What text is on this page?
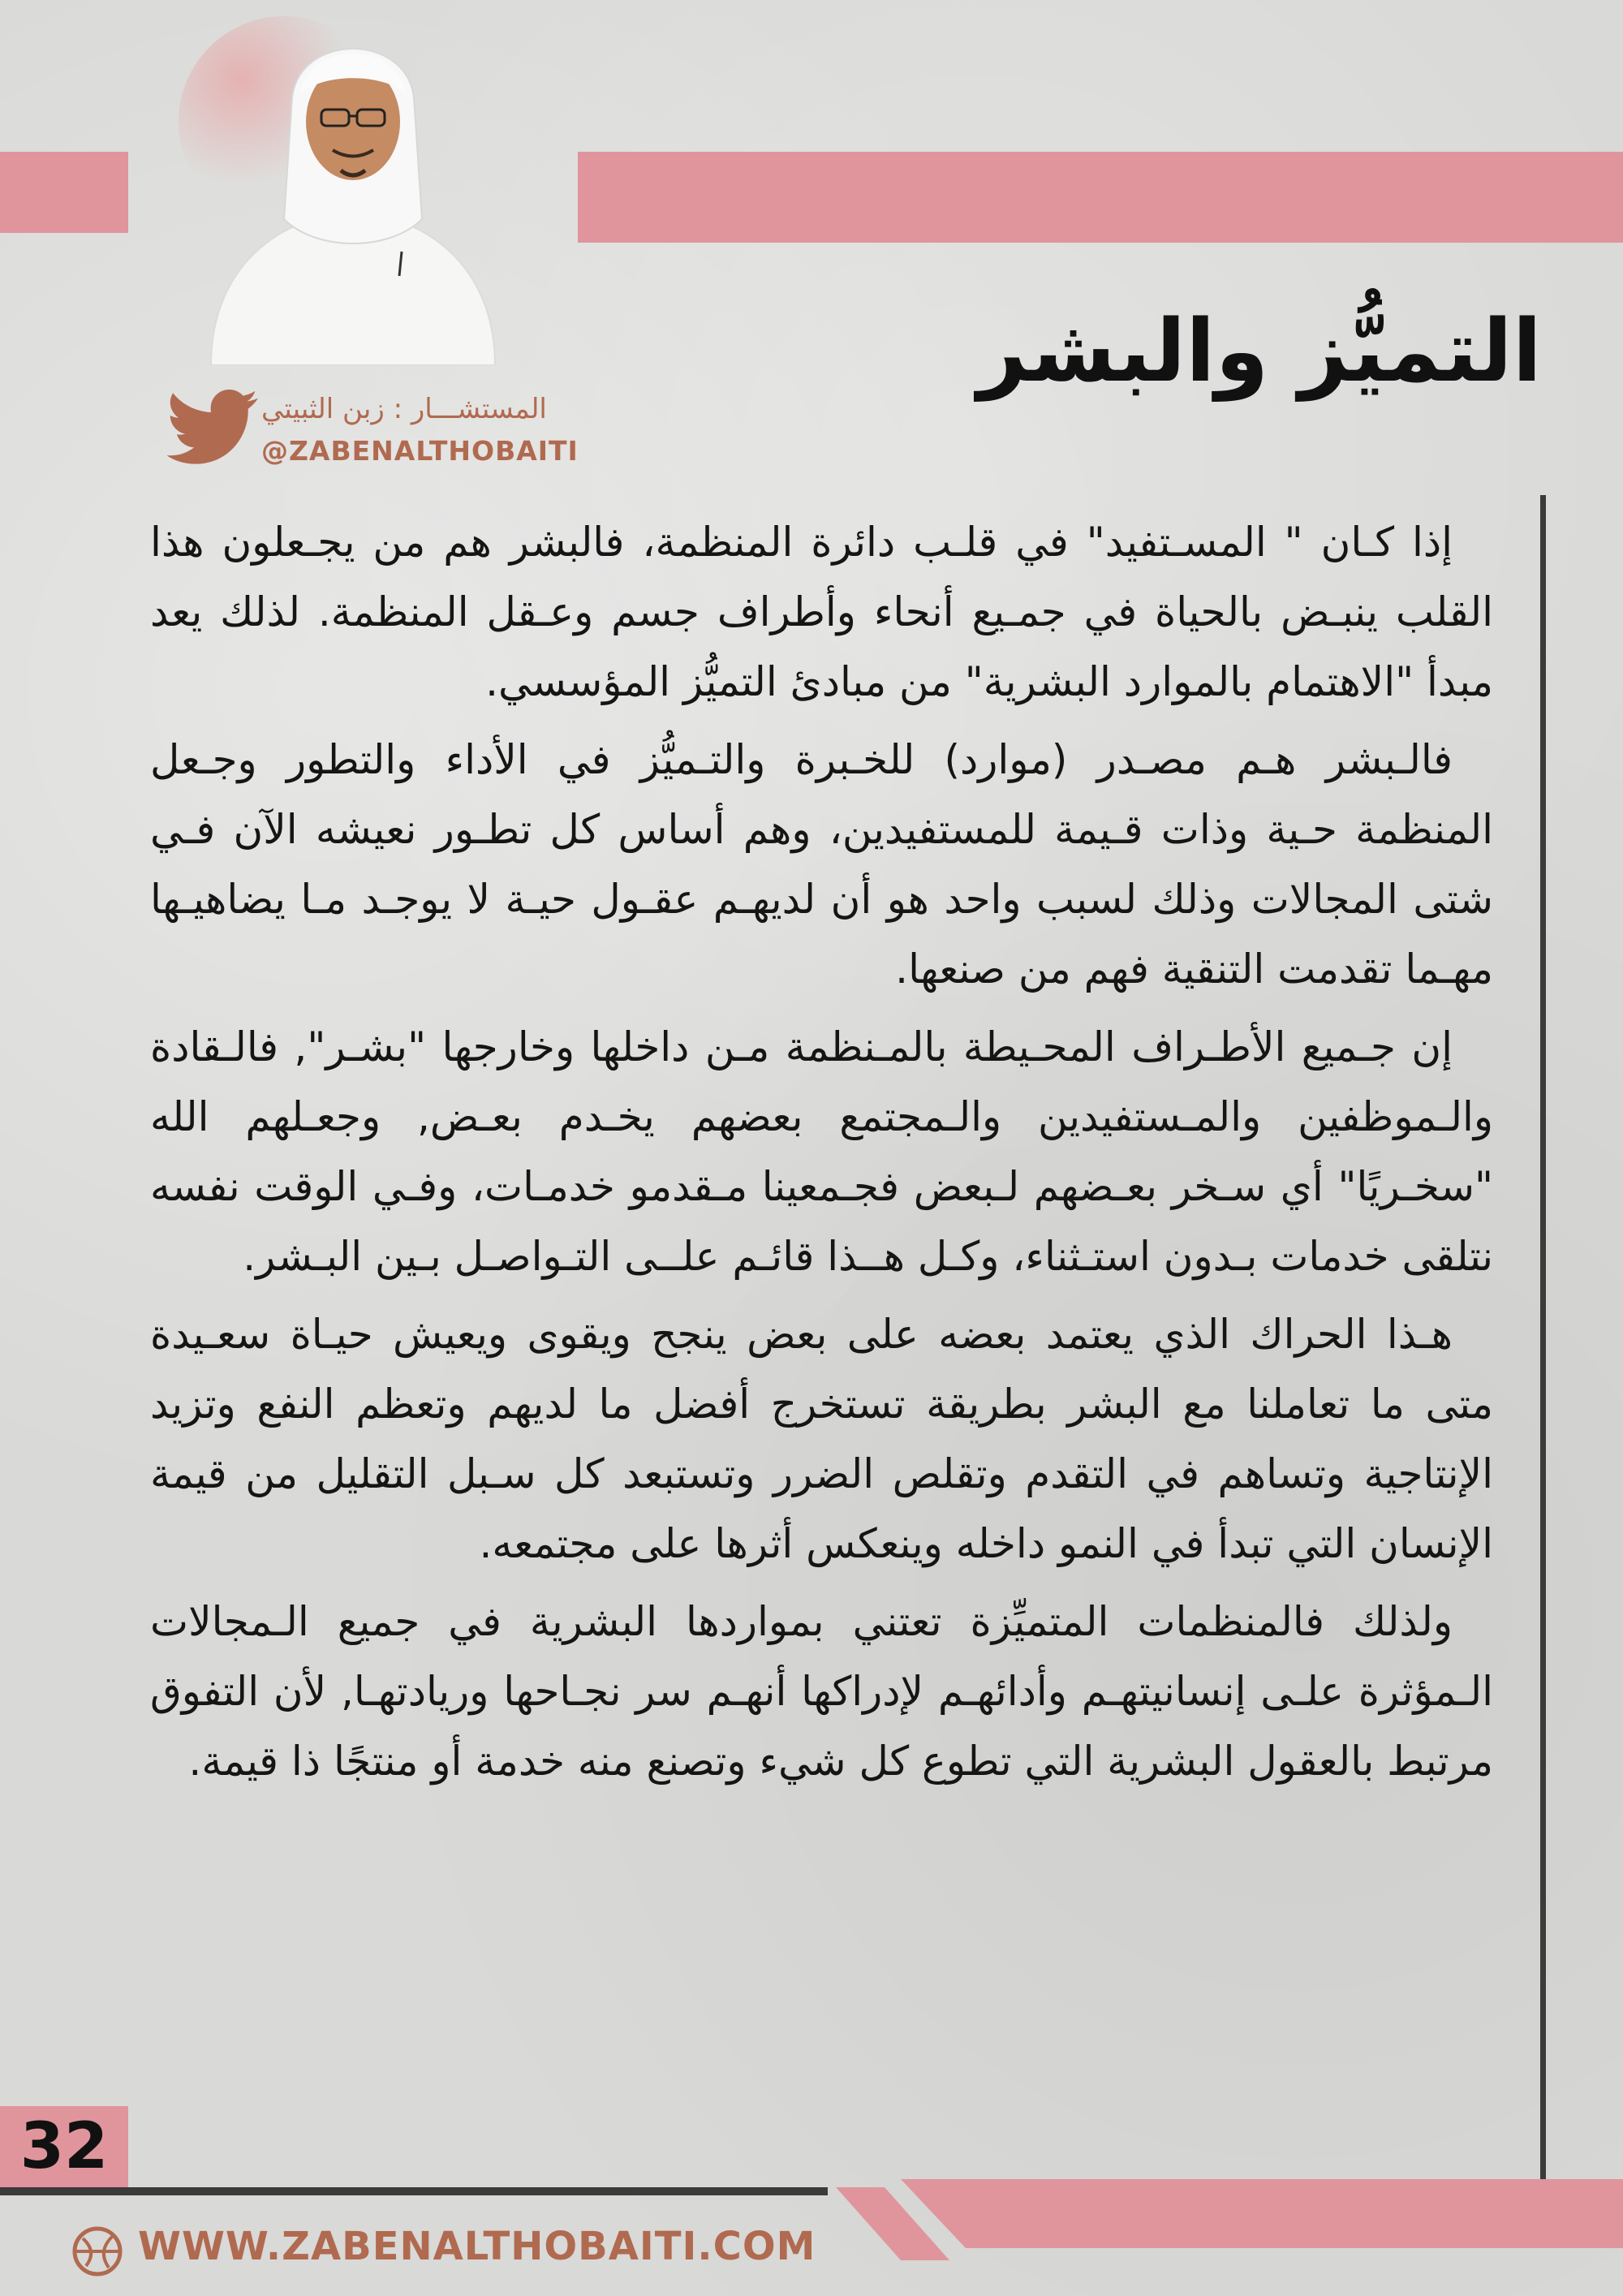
التميُّز والبشر
المستشـــار : زبن الثبيتي
@ZABENALTHOBAITI

إذا كـان " المسـتفيد" في قلـب دائرة المنظمة، فالبشر هم من يجـعلون هذا القلب ينبـض بالحياة في جمـيع أنحاء وأطراف جسم وعـقل المنظمة. لذلك يعد مبدأ "الاهتمام بالموارد البشرية" من مبادئ التميُّز المؤسسي.

فالـبشر هـم مصـدر (موارد) للخـبرة والتـميُّز في الأداء والتطور وجـعل المنظمة حـية وذات قـيمة للمستفيدين، وهم أساس كل تطـور نعيشه الآن فـي شتى المجالات وذلك لسبب واحد هو أن لديهـم عقـول حيـة لا يوجـد مـا يضاهيـها مهـما تقدمت التنقية فهم من صنعها.

إن جـميع الأطـراف المحـيطة بالمـنظمة مـن داخلها وخارجها "بشـر", فالـقادة والـموظفين والمـستفيدين والـمجتمع بعضهم يخـدم بعـض, وجعـلهم الله "سخـريًا" أي سـخر بعـضهم لـبعض فجـمعينا مـقدمو خدمـات، وفـي الوقت نفسه نتلقى خدمات بـدون استـثناء، وكـل هــذا قائـم علــى التـواصـل بـين البـشر.

هـذا الحراك الذي يعتمد بعضه على بعض ينجح ويقوى ويعيش حيـاة سعـيدة متى ما تعاملنا مع البشر بطريقة تستخرج أفضل ما لديهم وتعظم النفع وتزيد الإنتاجية وتساهم في التقدم وتقلص الضرر وتستبعد كل سـبل التقليل من قيمة الإنسان التي تبدأ في النمو داخله وينعكس أثرها على مجتمعه.

ولذلك فالمنظمات المتميِّزة تعتني بمواردها البشرية في جميع الـمجالات الـمؤثرة علـى إنسانيتهـم وأدائهـم لإدراكها أنهـم سر نجـاحها وريادتهـا, لأن التفوق مرتبط بالعقول البشرية التي تطوع كل شيء وتصنع منه خدمة أو منتجًا ذا قيمة.

32
WWW.ZABENALTHOBAITI.COM
